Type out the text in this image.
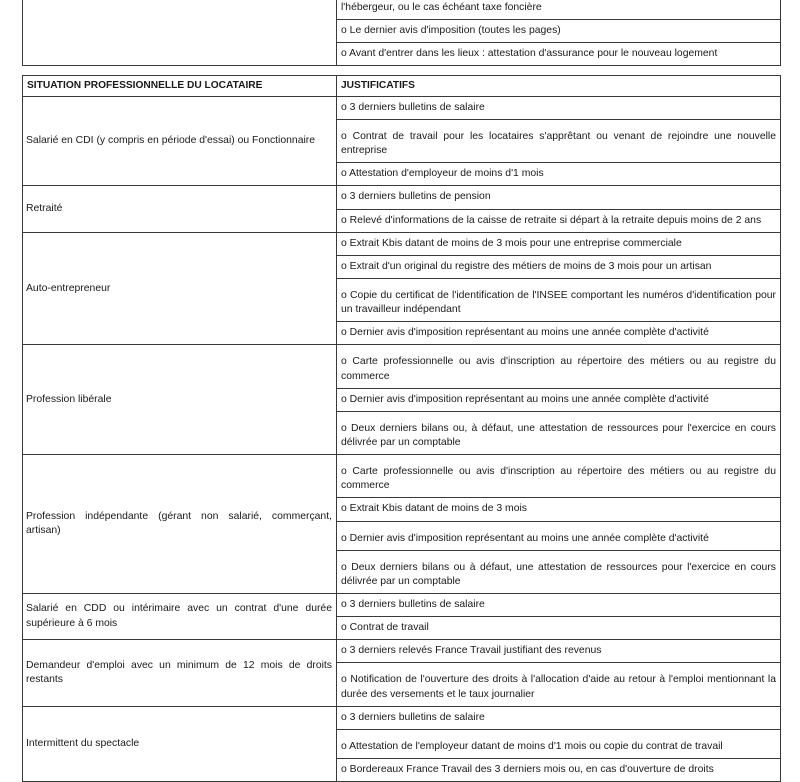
l'hébergeur, ou le cas échéant taxe foncière
o Le dernier avis d'imposition (toutes les pages)
o Avant d'entrer dans les lieux : attestation d'assurance pour le nouveau logement
SITUATION PROFESSIONNELLE DU LOCATAIRE	JUSTIFICATIFS
Salarié en CDI (y compris en période d'essai) ou Fonctionnaire	o 3 derniers bulletins de salaire
o Contrat de travail pour les locataires s'apprêtant ou venant de rejoindre une nouvelle entreprise
o Attestation d'employeur de moins d'1 mois

Retraité	o 3 derniers bulletins de pension
o Relevé d'informations de la caisse de retraite si départ à la retraite depuis moins de 2 ans

Auto-entrepreneur	o Extrait Kbis datant de moins de 3 mois pour une entreprise commerciale
o Extrait d'un original du registre des métiers de moins de 3 mois pour un artisan
o Copie du certificat de l'identification de l'INSEE comportant les numéros d'identification pour un travailleur indépendant
o Dernier avis d'imposition représentant au moins une année complète d'activité

Profession libérale	o Carte professionnelle ou avis d'inscription au répertoire des métiers ou au registre du commerce
o Dernier avis d'imposition représentant au moins une année complète d'activité
o Deux derniers bilans ou, à défaut, une attestation de ressources pour l'exercice en cours délivrée par un comptable

Profession indépendante (gérant non salarié, commerçant, artisan)	o Carte professionnelle ou avis d'inscription au répertoire des métiers ou au registre du commerce
o Extrait Kbis datant de moins de 3 mois
o Dernier avis d'imposition représentant au moins une année complète d'activité
o Deux derniers bilans ou à défaut, une attestation de ressources pour l'exercice en cours délivrée par un comptable

Salarié en CDD ou intérimaire avec un contrat d'une durée supérieure à 6 mois	o 3 derniers bulletins de salaire
o Contrat de travail

Demandeur d'emploi avec un minimum de 12 mois de droits restants	o 3 derniers relevés France Travail justifiant des revenus
o Notification de l'ouverture des droits à l'allocation d'aide au retour à l'emploi mentionnant la durée des versements et le taux journalier

Intermittent du spectacle	o 3 derniers bulletins de salaire
o Attestation de l'employeur datant de moins d'1 mois ou copie du contrat de travail
o Bordereaux France Travail des 3 derniers mois ou, en cas d'ouverture de droits
